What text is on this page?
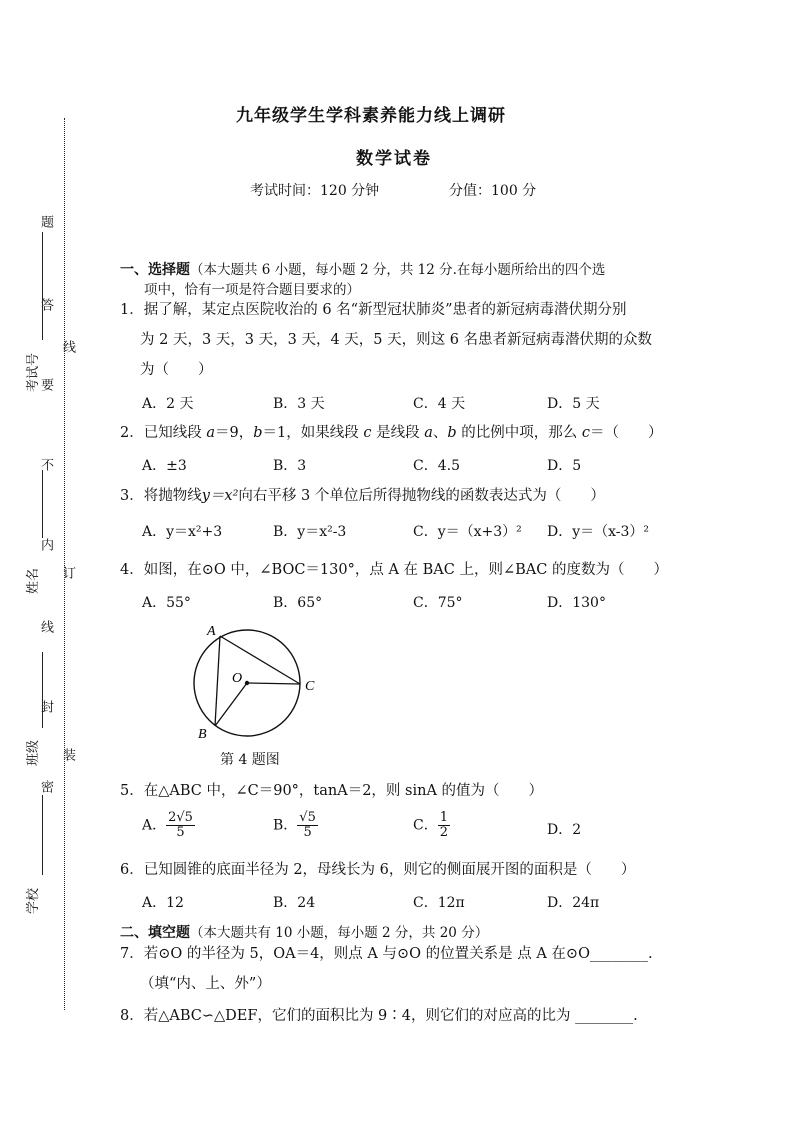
题
答
线
要
不
内
订
线
封
装
密
考试号
姓名
班级
学校
九年级学生学科素养能力线上调研
数学试卷
考试时间：120 分钟	分值：100 分
一、选择题（本大题共 6 小题，每小题 2 分，共 12 分.在每小题所给出的四个选
项中，恰有一项是符合题目要求的）
1．据了解，某定点医院收治的 6 名“新型冠状肺炎”患者的新冠病毒潜伏期分别
为 2 天，3 天，3 天，3 天，4 天，5 天，则这 6 名患者新冠病毒潜伏期的众数
为（　　）
A．2 天	B．3 天	C．4 天	D．5 天
2．已知线段 a＝9，b＝1，如果线段 c 是线段 a、b 的比例中项，那么 c＝（　　）
A．±3	B．3	C．4.5	D．5
3．将抛物线y＝x²向右平移 3 个单位后所得抛物线的函数表达式为（　　）
A．y＝x²+3	B．y＝x²-3	C．y＝（x+3）² D．y＝（x-3）²
4．如图，在⊙O 中，∠BOC＝130°，点 A 在 BAC 上，则∠BAC 的度数为（　　）
A．55°	B．65°	C．75°	D．130°
A
B
C
O
第 4 题图
5．在△ABC 中，∠C＝90°，tanA＝2，则 sinA 的值为（　　）
A． $\frac{2√5}{5}$	B． $\frac{√5}{5}$	C． $\frac{1}{2}$	D．2
6．已知圆锥的底面半径为 2，母线长为 6，则它的侧面展开图的面积是（　　）
A．12	B．24	C．12π	D．24π
二、填空题（本大题共有 10 小题，每小题 2 分，共 20 分）
7．若⊙O 的半径为 5，OA＝4，则点 A 与⊙O 的位置关系是 点 A 在⊙O________.
（填“内、上、外”）
8．若△ABC∽△DEF，它们的面积比为 9∶4，则它们的对应高的比为 ________.
